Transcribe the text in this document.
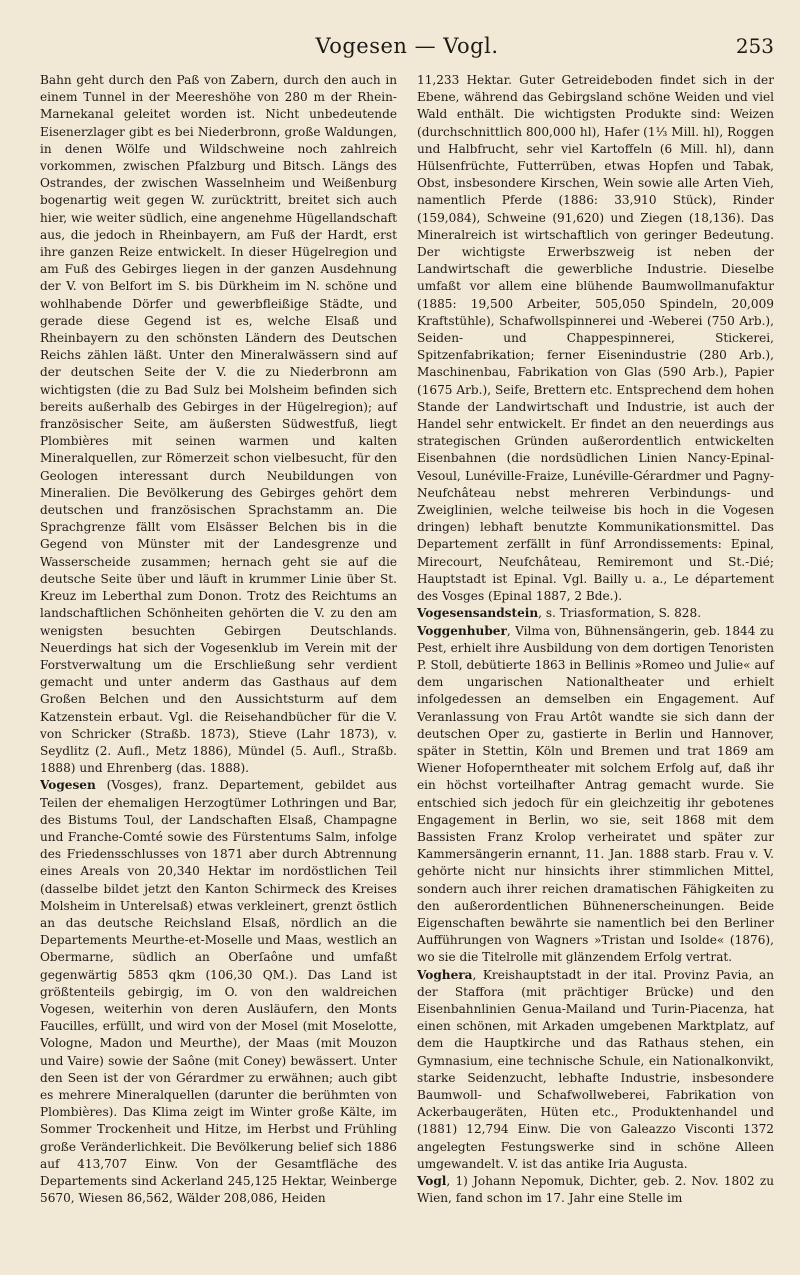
Vogesen — Vogl.	253

Bahn geht durch den Paß von Zabern, durch den auch in einem Tunnel in der Meereshöhe von 280 m der Rhein-Marnekanal geleitet worden ist. Nicht unbedeutende Eisenerzlager gibt es bei Niederbronn, große Waldungen, in denen Wölfe und Wildschweine noch zahlreich vorkommen, zwischen Pfalzburg und Bitsch. Längs des Ostrandes, der zwischen Wasselnheim und Weißenburg bogenartig weit gegen W. zurücktritt, breitet sich auch hier, wie weiter südlich, eine angenehme Hügellandschaft aus, die jedoch in Rheinbayern, am Fuß der Hardt, erst ihre ganzen Reize entwickelt. In dieser Hügelregion und am Fuß des Gebirges liegen in der ganzen Ausdehnung der V. von Belfort im S. bis Dürkheim im N. schöne und wohlhabende Dörfer und gewerbfleißige Städte, und gerade diese Gegend ist es, welche Elsaß und Rheinbayern zu den schönsten Ländern des Deutschen Reichs zählen läßt. Unter den Mineralwässern sind auf der deutschen Seite der V. die zu Niederbronn am wichtigsten (die zu Bad Sulz bei Molsheim befinden sich bereits außerhalb des Gebirges in der Hügelregion); auf französischer Seite, am äußersten Südwestfuß, liegt Plombières mit seinen warmen und kalten Mineralquellen, zur Römerzeit schon vielbesucht, für den Geologen interessant durch Neubildungen von Mineralien. Die Bevölkerung des Gebirges gehört dem deutschen und französischen Sprachstamm an. Die Sprachgrenze fällt vom Elsässer Belchen bis in die Gegend von Münster mit der Landesgrenze und Wasserscheide zusammen; hernach geht sie auf die deutsche Seite über und läuft in krummer Linie über St. Kreuz im Leberthal zum Donon. Trotz des Reichtums an landschaftlichen Schönheiten gehörten die V. zu den am wenigsten besuchten Gebirgen Deutschlands. Neuerdings hat sich der Vogesenklub im Verein mit der Forstverwaltung um die Erschließung sehr verdient gemacht und unter anderm das Gasthaus auf dem Großen Belchen und den Aussichtsturm auf dem Katzenstein erbaut. Vgl. die Reisehandbücher für die V. von Schricker (Straßb. 1873), Stieve (Lahr 1873), v. Seydlitz (2. Aufl., Metz 1886), Mündel (5. Aufl., Straßb. 1888) und Ehrenberg (das. 1888).

Vogesen (Vosges), franz. Departement, gebildet aus Teilen der ehemaligen Herzogtümer Lothringen und Bar, des Bistums Toul, der Landschaften Elsaß, Champagne und Franche-Comté sowie des Fürstentums Salm, infolge des Friedensschlusses von 1871 aber durch Abtrennung eines Areals von 20,340 Hektar im nordöstlichen Teil (dasselbe bildet jetzt den Kanton Schirmeck des Kreises Molsheim in Unterelsaß) etwas verkleinert, grenzt östlich an das deutsche Reichsland Elsaß, nördlich an die Departements Meurthe-et-Moselle und Maas, westlich an Obermarne, südlich an Oberſaône und umfaßt gegenwärtig 5853 qkm (106,30 QM.). Das Land ist größtenteils gebirgig, im O. von den waldreichen Vogesen, weiterhin von deren Ausläufern, den Monts Faucilles, erfüllt, und wird von der Mosel (mit Moselotte, Vologne, Madon und Meurthe), der Maas (mit Mouzon und Vaire) sowie der Saône (mit Coney) bewässert. Unter den Seen ist der von Gérardmer zu erwähnen; auch gibt es mehrere Mineralquellen (darunter die berühmten von Plombières). Das Klima zeigt im Winter große Kälte, im Sommer Trockenheit und Hitze, im Herbst und Frühling große Veränderlichkeit. Die Bevölkerung belief sich 1886 auf 413,707 Einw. Von der Gesamtfläche des Departements sind Ackerland 245,125 Hektar, Weinberge 5670, Wiesen 86,562, Wälder 208,086, Heiden

11,233 Hektar. Guter Getreideboden findet sich in der Ebene, während das Gebirgsland schöne Weiden und viel Wald enthält. Die wichtigsten Produkte sind: Weizen (durchschnittlich 800,000 hl), Hafer (1⅓ Mill. hl), Roggen und Halbfrucht, sehr viel Kartoffeln (6 Mill. hl), dann Hülsenfrüchte, Futterrüben, etwas Hopfen und Tabak, Obst, insbesondere Kirschen, Wein sowie alle Arten Vieh, namentlich Pferde (1886: 33,910 Stück), Rinder (159,084), Schweine (91,620) und Ziegen (18,136). Das Mineralreich ist wirtschaftlich von geringer Bedeutung. Der wichtigste Erwerbszweig ist neben der Landwirtschaft die gewerbliche Industrie. Dieselbe umfaßt vor allem eine blühende Baumwollmanufaktur (1885: 19,500 Arbeiter, 505,050 Spindeln, 20,009 Kraftstühle), Schafwollspinnerei und -Weberei (750 Arb.), Seiden- und Chappespinnerei, Stickerei, Spitzenfabrikation; ferner Eisenindustrie (280 Arb.), Maschinenbau, Fabrikation von Glas (590 Arb.), Papier (1675 Arb.), Seife, Brettern etc. Entsprechend dem hohen Stande der Landwirtschaft und Industrie, ist auch der Handel sehr entwickelt. Er findet an den neuerdings aus strategischen Gründen außerordentlich entwickelten Eisenbahnen (die nordsüdlichen Linien Nancy-Epinal-Vesoul, Lunéville-Fraize, Lunéville-Gérardmer und Pagny-Neufchâteau nebst mehreren Verbindungs- und Zweiglinien, welche teilweise bis hoch in die Vogesen dringen) lebhaft benutzte Kommunikationsmittel. Das Departement zerfällt in fünf Arrondissements: Epinal, Mirecourt, Neufchâteau, Remiremont und St.-Dié; Hauptstadt ist Epinal. Vgl. Bailly u. a., Le département des Vosges (Epinal 1887, 2 Bde.).

Vogesensandstein, s. Triasformation, S. 828.

Voggenhuber, Vilma von, Bühnensängerin, geb. 1844 zu Pest, erhielt ihre Ausbildung von dem dortigen Tenoristen P. Stoll, debütierte 1863 in Bellinis »Romeo und Julie« auf dem ungarischen Nationaltheater und erhielt infolgedessen an demselben ein Engagement. Auf Veranlassung von Frau Artôt wandte sie sich dann der deutschen Oper zu, gastierte in Berlin und Hannover, später in Stettin, Köln und Bremen und trat 1869 am Wiener Hofoperntheater mit solchem Erfolg auf, daß ihr ein höchst vorteilhafter Antrag gemacht wurde. Sie entschied sich jedoch für ein gleichzeitig ihr gebotenes Engagement in Berlin, wo sie, seit 1868 mit dem Bassisten Franz Krolop verheiratet und später zur Kammersängerin ernannt, 11. Jan. 1888 starb. Frau v. V. gehörte nicht nur hinsichts ihrer stimmlichen Mittel, sondern auch ihrer reichen dramatischen Fähigkeiten zu den außerordentlichen Bühnenerscheinungen. Beide Eigenschaften bewährte sie namentlich bei den Berliner Aufführungen von Wagners »Tristan und Isolde« (1876), wo sie die Titelrolle mit glänzendem Erfolg vertrat.

Voghera, Kreishauptstadt in der ital. Provinz Pavia, an der Staffora (mit prächtiger Brücke) und den Eisenbahnlinien Genua-Mailand und Turin-Piacenza, hat einen schönen, mit Arkaden umgebenen Marktplatz, auf dem die Hauptkirche und das Rathaus stehen, ein Gymnasium, eine technische Schule, ein Nationalkonvikt, starke Seidenzucht, lebhafte Industrie, insbesondere Baumwoll- und Schafwollweberei, Fabrikation von Ackerbaugeräten, Hüten etc., Produktenhandel und (1881) 12,794 Einw. Die von Galeazzo Visconti 1372 angelegten Festungswerke sind in schöne Alleen umgewandelt. V. ist das antike Iria Augusta.

Vogl, 1) Johann Nepomuk, Dichter, geb. 2. Nov. 1802 zu Wien, fand schon im 17. Jahr eine Stelle im
